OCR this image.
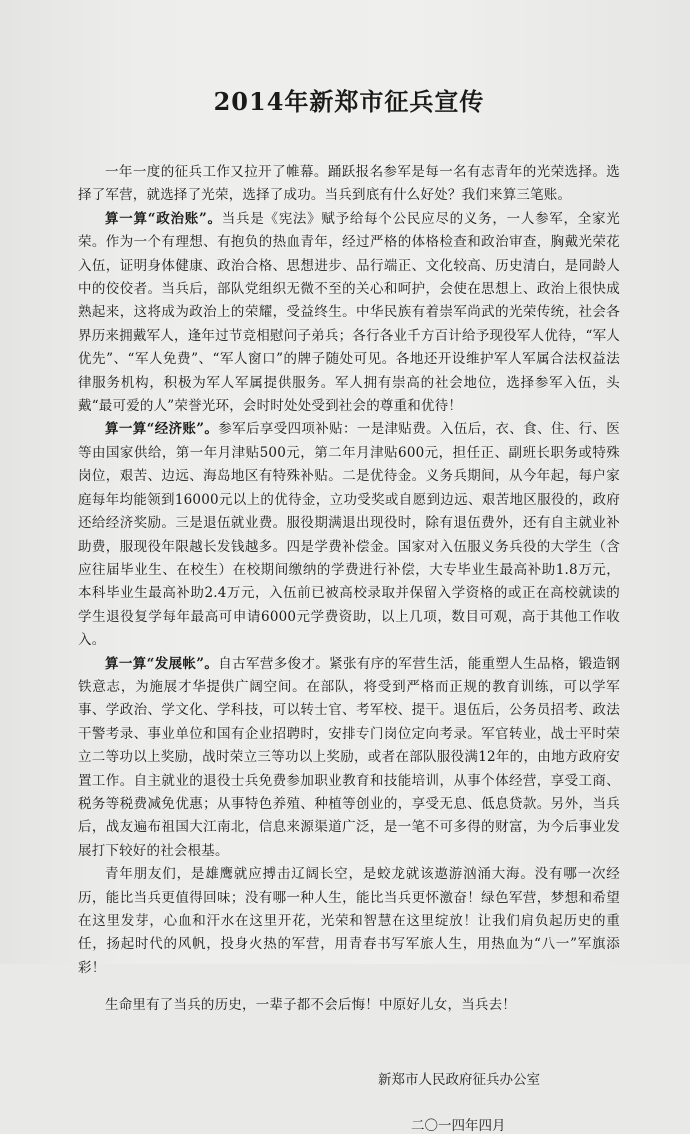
2014年新郑市征兵宣传

一年一度的征兵工作又拉开了帷幕。踊跃报名参军是每一名有志青年的光荣选择。选择了军营，就选择了光荣，选择了成功。当兵到底有什么好处？我们来算三笔账。

算一算“政治账”。当兵是《宪法》赋予给每个公民应尽的义务，一人参军，全家光荣。作为一个有理想、有抱负的热血青年，经过严格的体格检查和政治审查，胸戴光荣花入伍，证明身体健康、政治合格、思想进步、品行端正、文化较高、历史清白，是同龄人中的佼佼者。当兵后，部队党组织无微不至的关心和呵护，会使在思想上、政治上很快成熟起来，这将成为政治上的荣耀，受益终生。中华民族有着崇军尚武的光荣传统，社会各界历来拥戴军人，逢年过节竞相慰问子弟兵；各行各业千方百计给予现役军人优待，“军人优先”、“军人免费”、“军人窗口”的牌子随处可见。各地还开设维护军人军属合法权益法律服务机构，积极为军人军属提供服务。军人拥有崇高的社会地位，选择参军入伍，头戴“最可爱的人”荣誉光环，会时时处处受到社会的尊重和优待！

算一算“经济账”。参军后享受四项补贴：一是津贴费。入伍后，衣、食、住、行、医等由国家供给，第一年月津贴500元，第二年月津贴600元，担任正、副班长职务或特殊岗位，艰苦、边远、海岛地区有特殊补贴。二是优待金。义务兵期间，从今年起，每户家庭每年均能领到16000元以上的优待金，立功受奖或自愿到边远、艰苦地区服役的，政府还给经济奖励。三是退伍就业费。服役期满退出现役时，除有退伍费外，还有自主就业补助费，服现役年限越长发钱越多。四是学费补偿金。国家对入伍服义务兵役的大学生（含应往届毕业生、在校生）在校期间缴纳的学费进行补偿，大专毕业生最高补助1.8万元，本科毕业生最高补助2.4万元，入伍前已被高校录取并保留入学资格的或正在高校就读的学生退役复学每年最高可申请6000元学费资助，以上几项，数目可观，高于其他工作收入。

算一算“发展帐”。自古军营多俊才。紧张有序的军营生活，能重塑人生品格，锻造钢铁意志，为施展才华提供广阔空间。在部队，将受到严格而正规的教育训练，可以学军事、学政治、学文化、学科技，可以转士官、考军校、提干。退伍后，公务员招考、政法干警考录、事业单位和国有企业招聘时，安排专门岗位定向考录。军官转业，战士平时荣立二等功以上奖励，战时荣立三等功以上奖励，或者在部队服役满12年的，由地方政府安置工作。自主就业的退役士兵免费参加职业教育和技能培训，从事个体经营，享受工商、税务等税费减免优惠；从事特色养殖、种植等创业的，享受无息、低息贷款。另外，当兵后，战友遍布祖国大江南北，信息来源渠道广泛，是一笔不可多得的财富，为今后事业发展打下较好的社会根基。

青年朋友们，是雄鹰就应搏击辽阔长空，是蛟龙就该遨游汹涌大海。没有哪一次经历，能比当兵更值得回味；没有哪一种人生，能比当兵更怀激奋！绿色军营，梦想和希望在这里发芽，心血和汗水在这里开花，光荣和智慧在这里绽放！让我们肩负起历史的重任，扬起时代的风帆，投身火热的军营，用青春书写军旅人生，用热血为“八一”军旗添彩！

生命里有了当兵的历史，一辈子都不会后悔！中原好儿女，当兵去！

新郑市人民政府征兵办公室

二〇一四年四月
